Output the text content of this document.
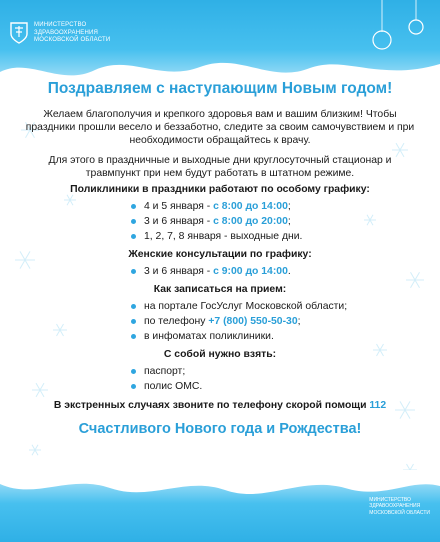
МИНИСТЕРСТВО
ЗДРАВООХРАНЕНИЯ
МОСКОВСКОЙ ОБЛАСТИ
МИНИСТЕРСТВО
ЗДРАВООХРАНЕНИЯ
МОСКОВСКОЙ ОБЛАСТИ
Поздравляем с наступающим Новым годом!

Желаем благополучия и крепкого здоровья вам и вашим близким! Чтобы праздники прошли весело и беззаботно, следите за своим самочувствием и при необходимости обращайтесь к врачу.

Для этого в праздничные и выходные дни круглосуточный стационар и травмпункт при нем будут работать в штатном режиме.

Поликлиники в праздники работают по особому графику:
4 и 5 января - с 8:00 до 14:00;
3 и 6 января - с 8:00 до 20:00;
1, 2, 7, 8 января - выходные дни.
Женские консультации по графику:
3 и 6 января - с 9:00 до 14:00.
Как записаться на прием:
на портале ГосУслуг Московской области;
по телефону +7 (800) 550-50-30;
в инфоматах поликлиники.
С собой нужно взять:
паспорт;
полис ОМС.
В экстренных случаях звоните по телефону скорой помощи 112
Счастливого Нового года и Рождества!
